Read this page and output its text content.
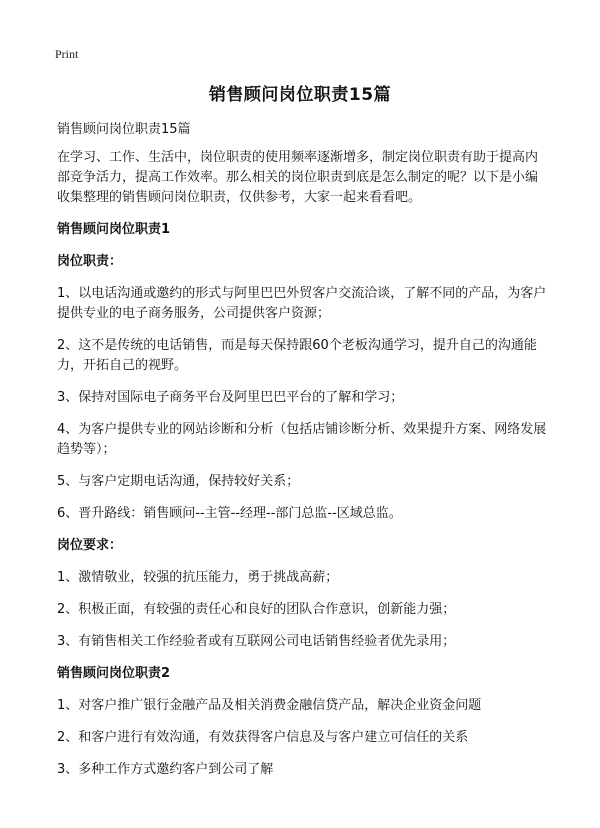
Print
销售顾问岗位职责15篇

销售顾问岗位职责15篇

在学习、工作、生活中，岗位职责的使用频率逐渐增多，制定岗位职责有助于提高内部竞争活力，提高工作效率。那么相关的岗位职责到底是怎么制定的呢？以下是小编收集整理的销售顾问岗位职责，仅供参考，大家一起来看看吧。

销售顾问岗位职责1

岗位职责：

1、以电话沟通或邀约的形式与阿里巴巴外贸客户交流洽谈，了解不同的产品，为客户提供专业的电子商务服务，公司提供客户资源；

2、这不是传统的电话销售，而是每天保持跟60个老板沟通学习，提升自己的沟通能力，开拓自己的视野。

3、保持对国际电子商务平台及阿里巴巴平台的了解和学习；

4、为客户提供专业的网站诊断和分析（包括店铺诊断分析、效果提升方案、网络发展趋势等）；

5、与客户定期电话沟通，保持较好关系；

6、晋升路线：销售顾问--主管--经理--部门总监--区域总监。

岗位要求：

1、激情敬业，较强的抗压能力，勇于挑战高薪；

2、积极正面，有较强的责任心和良好的团队合作意识，创新能力强；

3、有销售相关工作经验者或有互联网公司电话销售经验者优先录用；

销售顾问岗位职责2

1、对客户推广银行金融产品及相关消费金融信贷产品，解决企业资金问题

2、和客户进行有效沟通，有效获得客户信息及与客户建立可信任的关系

3、多种工作方式邀约客户到公司了解
